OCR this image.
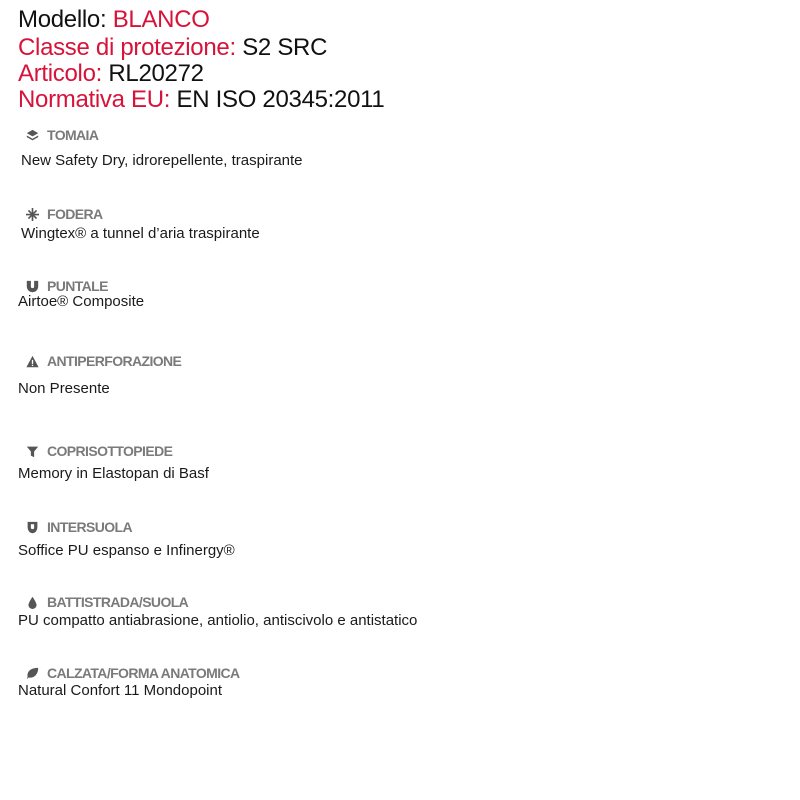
Modello: BLANCO
Classe di protezione: S2 SRC
Articolo: RL20272
Normativa EU: EN ISO 20345:2011
TOMAIA
New Safety Dry, idrorepellente, traspirante
FODERA
Wingtex® a tunnel d’aria traspirante
PUNTALE
Airtoe® Composite
ANTIPERFORAZIONE
Non Presente
COPRISOTTOPIEDE
Memory in Elastopan di Basf
INTERSUOLA
Soffice PU espanso e Infinergy®
BATTISTRADA/SUOLA
PU compatto antiabrasione, antiolio, antiscivolo e antistatico
CALZATA/FORMA ANATOMICA
Natural Confort 11 Mondopoint
